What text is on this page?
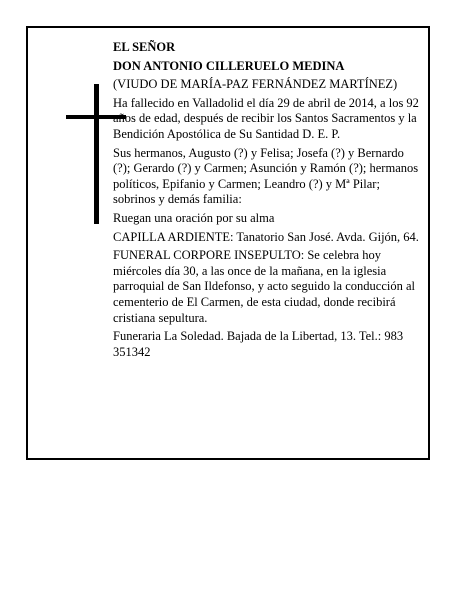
EL SEÑOR

DON ANTONIO CILLERUELO MEDINA

(VIUDO DE MARÍA-PAZ FERNÁNDEZ MARTÍNEZ)

Ha fallecido en Valladolid el día 29 de abril de 2014, a los 92 años de edad, después de recibir los Santos Sacramentos y la Bendición Apostólica de Su Santidad D. E. P.

Sus hermanos, Augusto (?) y Felisa; Josefa (?) y Bernardo (?); Gerardo (?) y Carmen; Asunción y Ramón (?); hermanos políticos, Epifanio y Carmen; Leandro (?) y Mª Pilar; sobrinos y demás familia:

Ruegan una oración por su alma

CAPILLA ARDIENTE: Tanatorio San José. Avda. Gijón, 64.

FUNERAL CORPORE INSEPULTO: Se celebra hoy miércoles día 30, a las once de la mañana, en la iglesia parroquial de San Ildefonso, y acto seguido la conducción al cementerio de El Carmen, de esta ciudad, donde recibirá cristiana sepultura.

Funeraria La Soledad. Bajada de la Libertad, 13. Tel.: 983 351342
